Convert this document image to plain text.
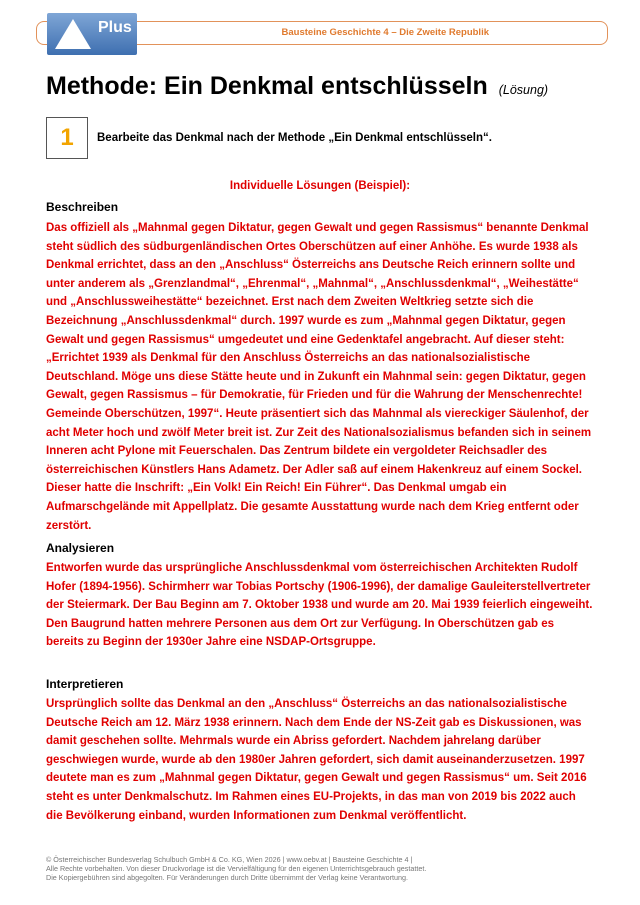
Bausteine Geschichte 4 – Die Zweite Republik
Plus
Methode: Ein Denkmal entschlüsseln (Lösung)
1	Bearbeite das Denkmal nach der Methode „Ein Denkmal entschlüsseln“.
Individuelle Lösungen (Beispiel):
Beschreiben
Das offiziell als „Mahnmal gegen Diktatur, gegen Gewalt und gegen Rassismus“ benannte Denkmal steht südlich des südburgenländischen Ortes Oberschützen auf einer Anhöhe. Es wurde 1938 als Denkmal errichtet, dass an den „Anschluss“ Österreichs ans Deutsche Reich erinnern sollte und unter anderem als „Grenzlandmal“, „Ehrenmal“, „Mahnmal“, „Anschlussdenkmal“, „Weihestätte“ und „Anschlussweihestätte“ bezeichnet. Erst nach dem Zweiten Weltkrieg setzte sich die Bezeichnung „Anschlussdenkmal“ durch. 1997 wurde es zum „Mahnmal gegen Diktatur, gegen Gewalt und gegen Rassismus“ umgedeutet und eine Gedenktafel angebracht. Auf dieser steht: „Errichtet 1939 als Denkmal für den Anschluss Österreichs an das nationalsozialistische Deutschland. Möge uns diese Stätte heute und in Zukunft ein Mahnmal sein: gegen Diktatur, gegen Gewalt, gegen Rassismus – für Demokratie, für Frieden und für die Wahrung der Menschenrechte! Gemeinde Oberschützen, 1997“. Heute präsentiert sich das Mahnmal als viereckiger Säulenhof, der acht Meter hoch und zwölf Meter breit ist. Zur Zeit des Nationalsozialismus befanden sich in seinem Inneren acht Pylone mit Feuerschalen. Das Zentrum bildete ein vergoldeter Reichsadler des österreichischen Künstlers Hans Adametz. Der Adler saß auf einem Hakenkreuz auf einem Sockel. Dieser hatte die Inschrift: „Ein Volk! Ein Reich! Ein Führer“. Das Denkmal umgab ein Aufmarschgelände mit Appellplatz. Die gesamte Ausstattung wurde nach dem Krieg entfernt oder zerstört.
Analysieren
Entworfen wurde das ursprüngliche Anschlussdenkmal vom österreichischen Architekten Rudolf Hofer (1894-1956). Schirmherr war Tobias Portschy (1906-1996), der damalige Gauleiterstellvertreter der Steiermark. Der Bau Beginn am 7. Oktober 1938 und wurde am 20. Mai 1939 feierlich eingeweiht. Den Baugrund hatten mehrere Personen aus dem Ort zur Verfügung. In Oberschützen gab es bereits zu Beginn der 1930er Jahre eine NSDAP-Ortsgruppe.
Interpretieren
Ursprünglich sollte das Denkmal an den „Anschluss“ Österreichs an das nationalsozialistische Deutsche Reich am 12. März 1938 erinnern. Nach dem Ende der NS-Zeit gab es Diskussionen, was damit geschehen sollte. Mehrmals wurde ein Abriss gefordert. Nachdem jahrelang darüber geschwiegen wurde, wurde ab den 1980er Jahren gefordert, sich damit auseinanderzusetzen. 1997 deutete man es zum „Mahnmal gegen Diktatur, gegen Gewalt und gegen Rassismus“ um. Seit 2016 steht es unter Denkmalschutz. Im Rahmen eines EU-Projekts, in das man von 2019 bis 2022 auch die Bevölkerung einband, wurden Informationen zum Denkmal veröffentlicht.
© Österreichischer Bundesverlag Schulbuch GmbH & Co. KG, Wien 2026 | www.oebv.at | Bausteine Geschichte 4 |
Alle Rechte vorbehalten. Von dieser Druckvorlage ist die Vervielfältigung für den eigenen Unterrichtsgebrauch gestattet.
Die Kopiergebühren sind abgegolten. Für Veränderungen durch Dritte übernimmt der Verlag keine Verantwortung.
